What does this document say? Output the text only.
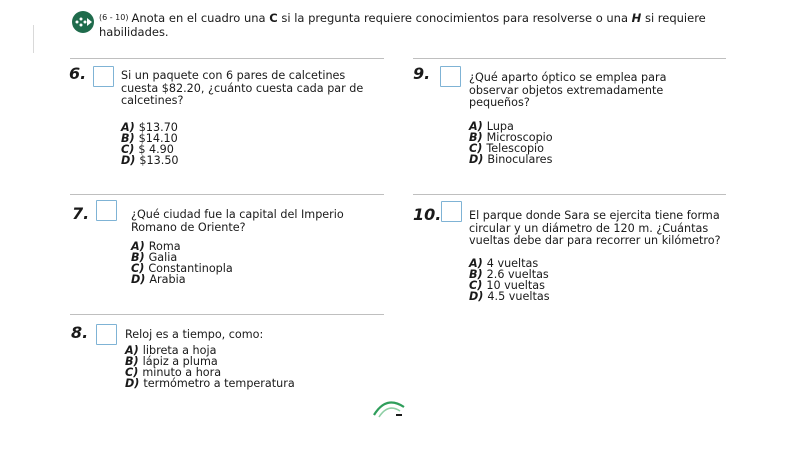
$^{(6 - 10)}$ Anota en el cuadro una C si la pregunta requiere conocimientos para resolverse o una H si requiere habilidades.
6.	Si un paquete con 6 pares de calcetines cuesta $82.20, ¿cuánto cuesta cada par de calcetines?
A) $13.70
B) $14.10
C) $ 4.90
D) $13.50
7.	¿Qué ciudad fue la capital del Imperio Romano de Oriente?
A) Roma
B) Galia
C) Constantinopla
D) Arabia
8.	Reloj es a tiempo, como:
A) libreta a hoja
B) lápiz a pluma
C) minuto a hora
D) termómetro a temperatura
9.	¿Qué aparto óptico se emplea para observar objetos extremadamente pequeños?
A) Lupa
B) Microscopio
C) Telescopio
D) Binoculares
10. El parque donde Sara se ejercita tiene forma circular y un diámetro de 120 m. ¿Cuántas vueltas debe dar para recorrer un kilómetro?
A) 4 vueltas
B) 2.6 vueltas
C) 10 vueltas
D) 4.5 vueltas
